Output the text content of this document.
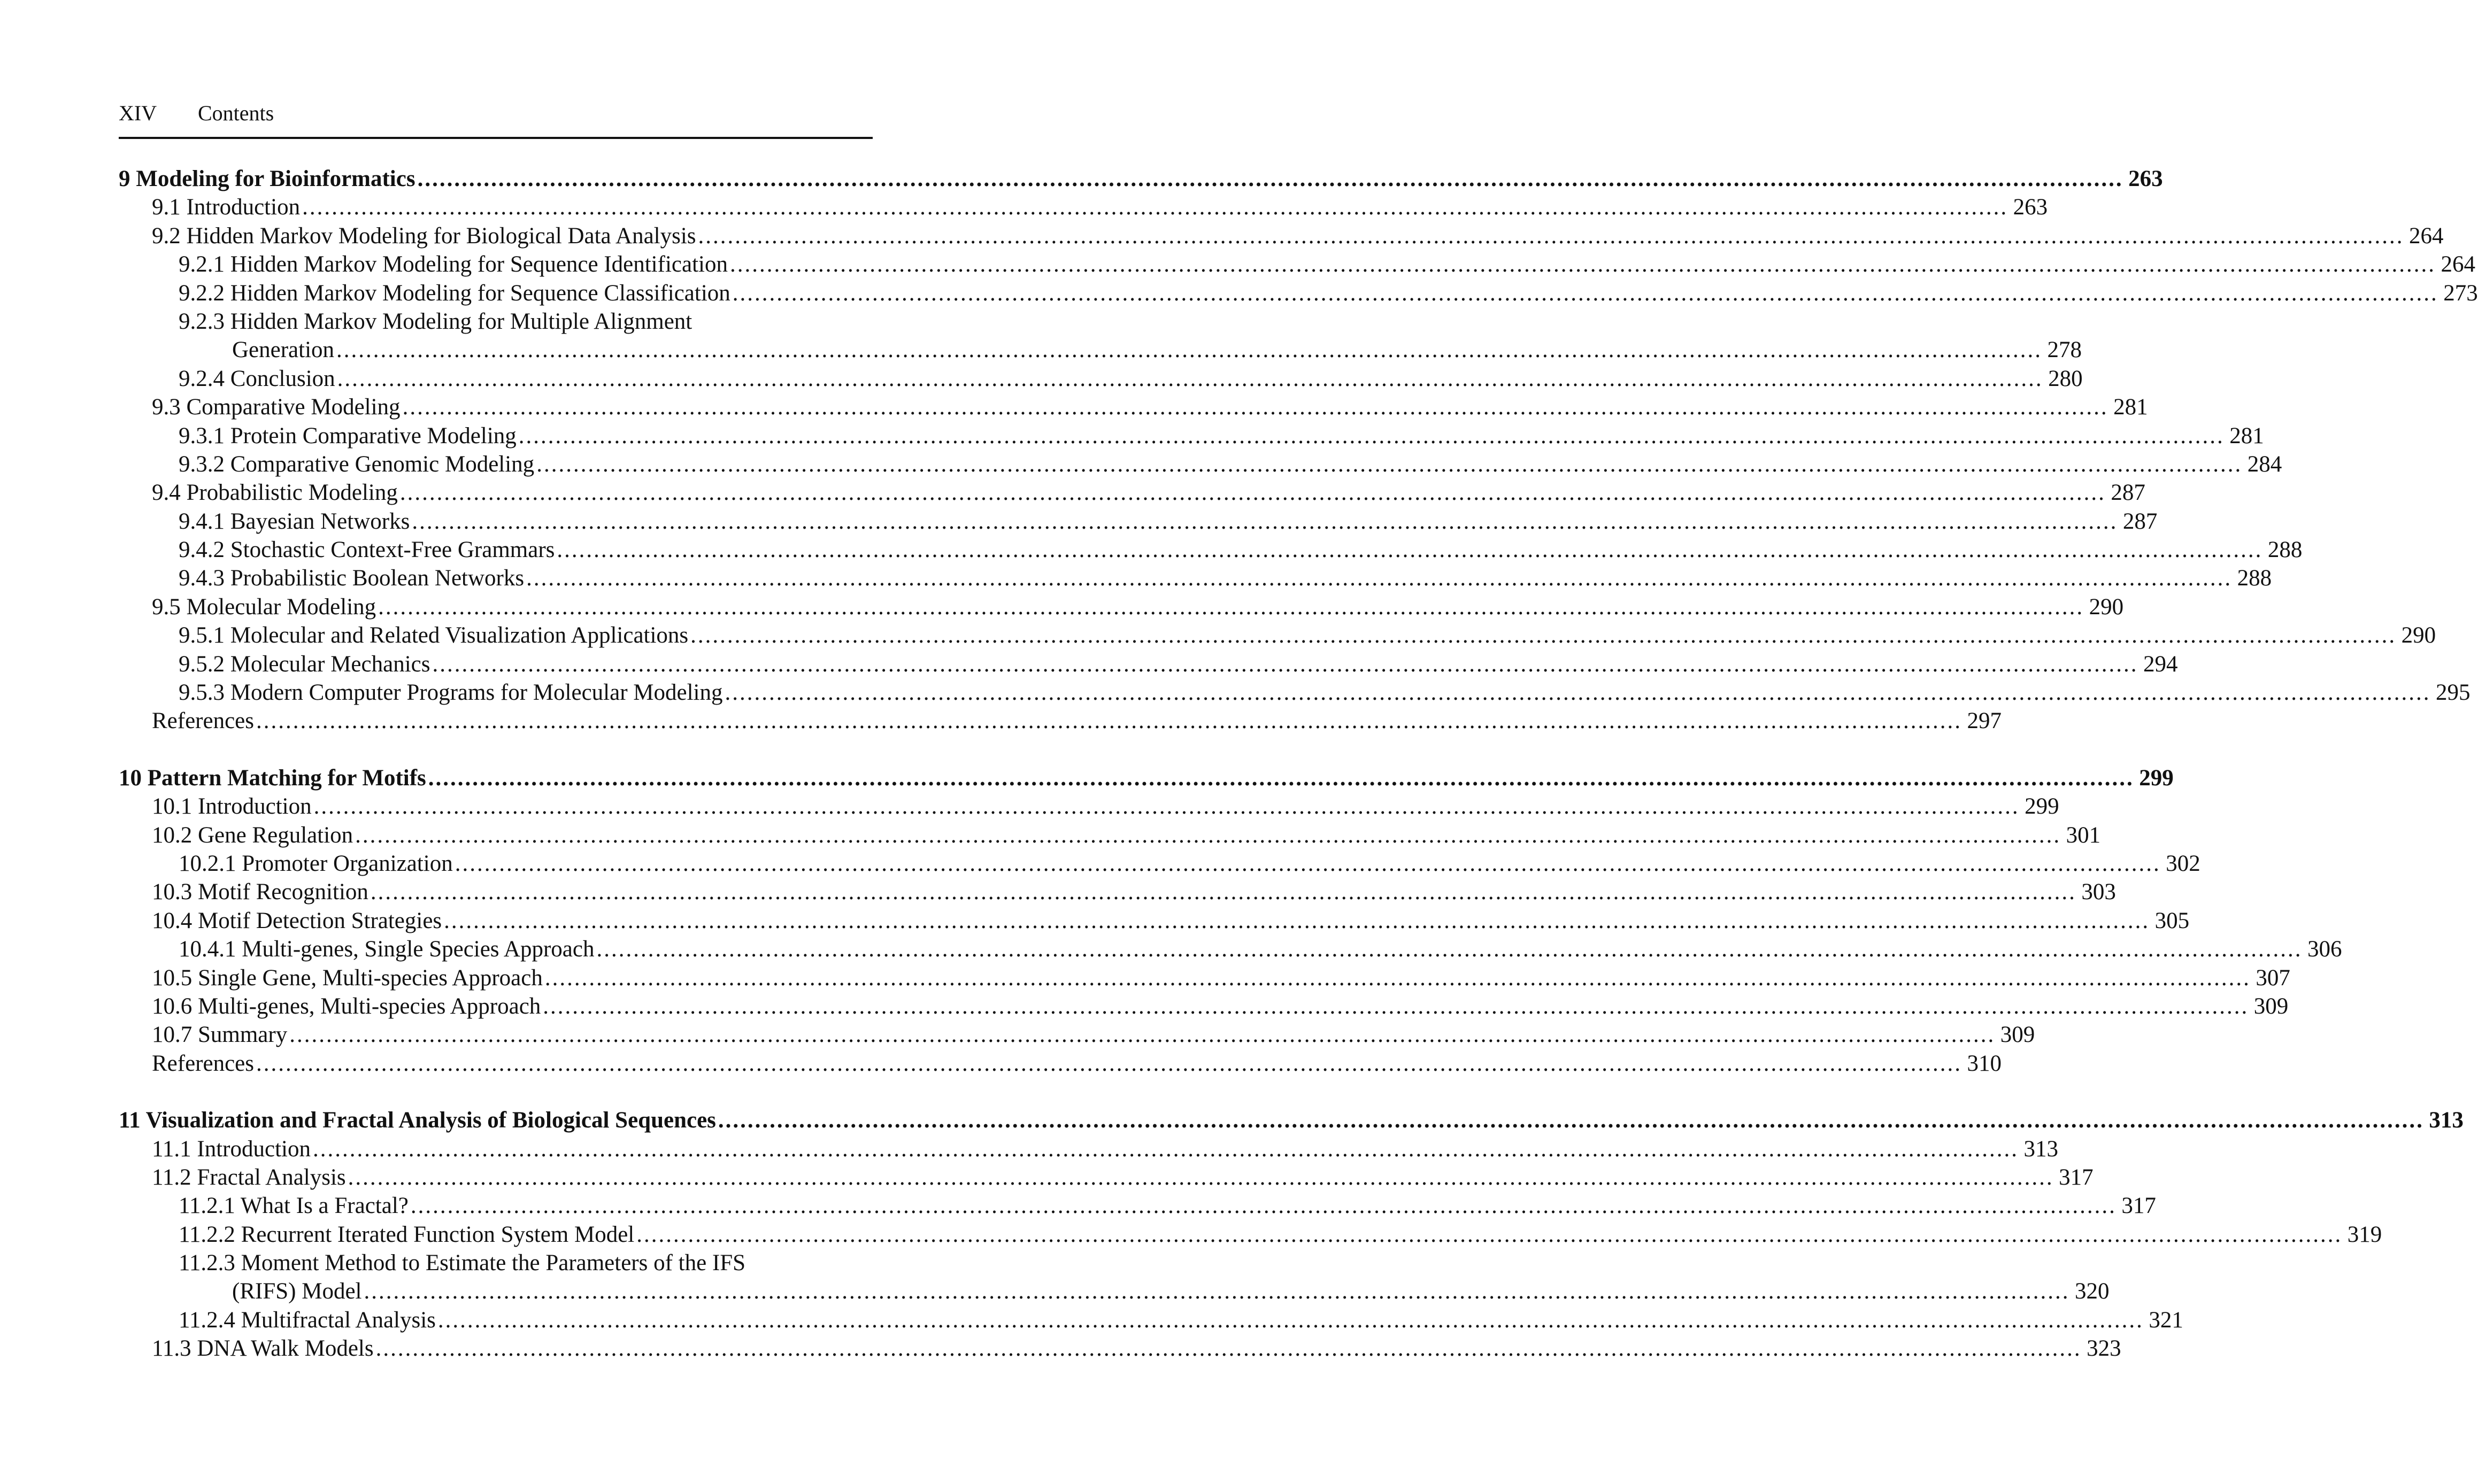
XIV Contents
9 Modeling for Bioinformatics .....	263
9.1 Introduction .....	263
9.2 Hidden Markov Modeling for Biological Data Analysis .....	264
9.2.1 Hidden Markov Modeling for Sequence Identification .....	264
9.2.2 Hidden Markov Modeling for Sequence Classification .....	273
9.2.3 Hidden Markov Modeling for Multiple Alignment
Generation .....	278
9.2.4 Conclusion .....	280
9.3 Comparative Modeling .....	281
9.3.1 Protein Comparative Modeling .....	281
9.3.2 Comparative Genomic Modeling .....	284
9.4 Probabilistic Modeling .....	287
9.4.1 Bayesian Networks .....	287
9.4.2 Stochastic Context-Free Grammars .....	288
9.4.3 Probabilistic Boolean Networks .....	288
9.5 Molecular Modeling .....	290
9.5.1 Molecular and Related Visualization Applications .....	290
9.5.2 Molecular Mechanics .....	294
9.5.3 Modern Computer Programs for Molecular Modeling .....	295
References .....	297
10 Pattern Matching for Motifs .....	299
10.1 Introduction .....	299
10.2 Gene Regulation .....	301
10.2.1 Promoter Organization .....	302
10.3 Motif Recognition .....	303
10.4 Motif Detection Strategies .....	305
10.4.1 Multi-genes, Single Species Approach .....	306
10.5 Single Gene, Multi-species Approach .....	307
10.6 Multi-genes, Multi-species Approach .....	309
10.7 Summary .....	309
References .....	310
11 Visualization and Fractal Analysis of Biological Sequences .....	313
11.1 Introduction .....	313
11.2 Fractal Analysis .....	317
11.2.1 What Is a Fractal? .....	317
11.2.2 Recurrent Iterated Function System Model .....	319
11.2.3 Moment Method to Estimate the Parameters of the IFS
(RIFS) Model .....	320
11.2.4 Multifractal Analysis .....	321
11.3 DNA Walk Models .....	323
